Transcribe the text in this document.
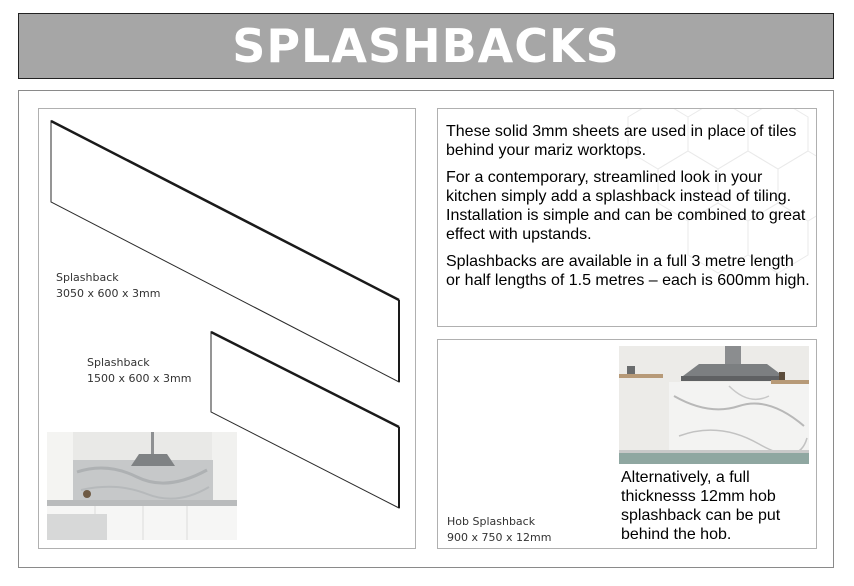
SPLASHBACKS
Splashback
3050 x 600 x 3mm
Splashback
1500 x 600 x 3mm

These solid 3mm sheets are used in place of tiles behind your mariz worktops.

For a contemporary, streamlined look in your kitchen simply add a splashback instead of tiling. Installation is simple and can be combined to great effect with upstands.

Splashbacks are available in a full 3 metre length or half lengths of 1.5 metres – each is 600mm high.

Hob Splashback
900 x 750 x 12mm
Alternatively, a full thicknesss 12mm hob splashback can be put behind the hob.
